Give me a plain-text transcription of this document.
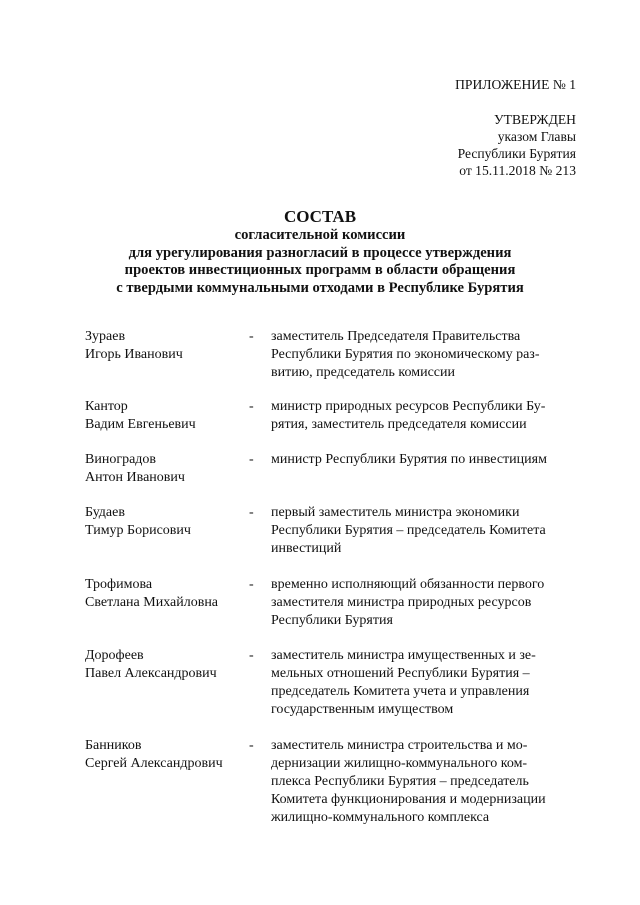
ПРИЛОЖЕНИЕ № 1
УТВЕРЖДЕН
указом Главы
Республики Бурятия
от 15.11.2018 № 213
СОСТАВ
согласительной комиссии
для урегулирования разногласий в процессе утверждения
проектов инвестиционных программ в области обращения
с твердыми коммунальными отходами в Республике Бурятия
Зураев
Игорь Иванович
- заместитель Председателя Правительства
Республики Бурятия по экономическому раз-
витию, председатель комиссии
Кантор
Вадим Евгеньевич
- министр природных ресурсов Республики Бу-
рятия, заместитель председателя комиссии
Виноградов
Антон Иванович
- министр Республики Бурятия по инвестициям
Будаев
Тимур Борисович
- первый заместитель министра экономики
Республики Бурятия – председатель Комитета
инвестиций
Трофимова
Светлана Михайловна
- временно исполняющий обязанности первого
заместителя министра природных ресурсов
Республики Бурятия
Дорофеев
Павел Александрович
- заместитель министра имущественных и зе-
мельных отношений Республики Бурятия –
председатель Комитета учета и управления
государственным имуществом
Банников
Сергей Александрович
- заместитель министра строительства и мо-
дернизации жилищно-коммунального ком-
плекса Республики Бурятия – председатель
Комитета функционирования и модернизации
жилищно-коммунального комплекса
